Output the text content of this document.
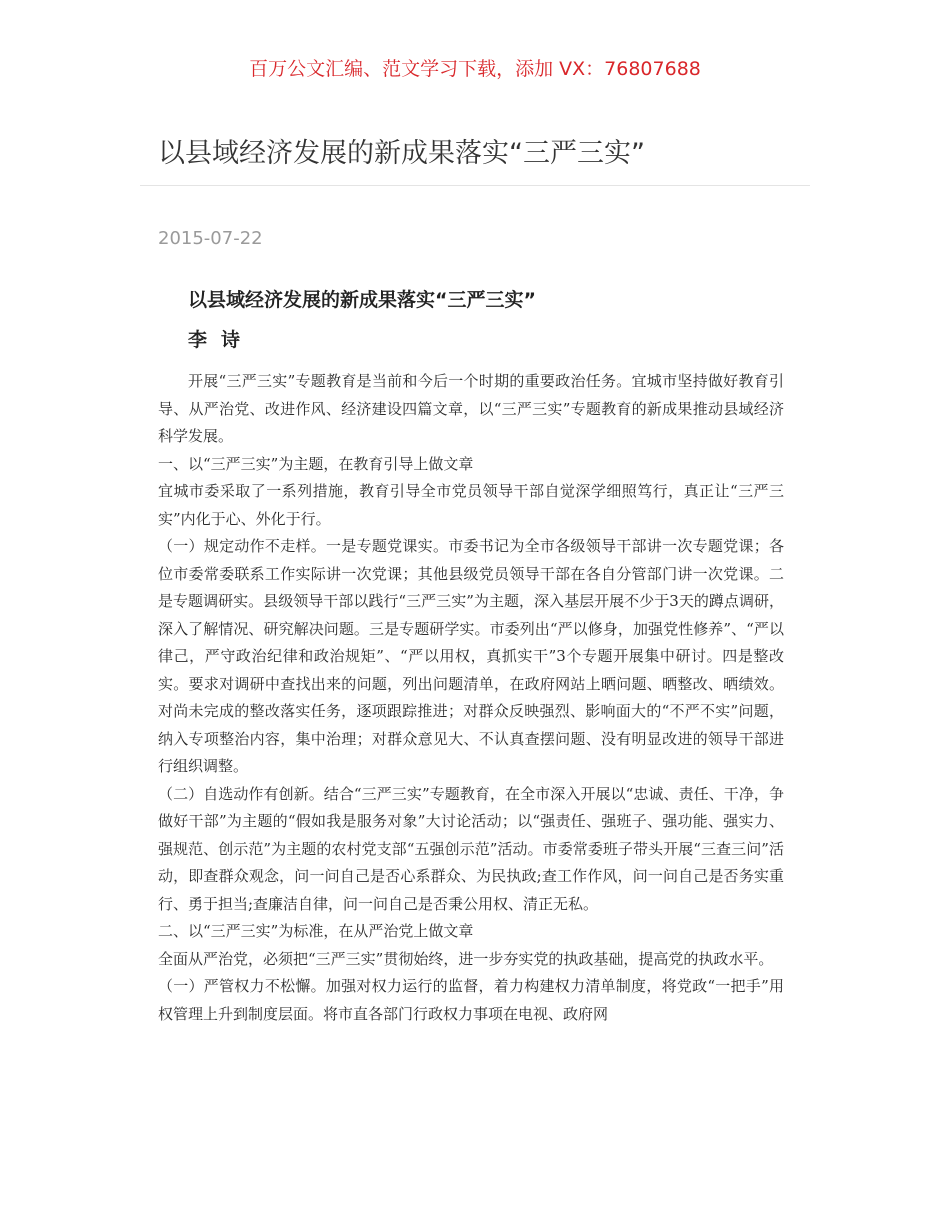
百万公文汇编、范文学习下载，添加 VX：76807688
以县域经济发展的新成果落实“三严三实”
2015-07-22
以县域经济发展的新成果落实“三严三实”
李诗

开展“三严三实”专题教育是当前和今后一个时期的重要政治任务。宜城市坚持做好教育引导、从严治党、改进作风、经济建设四篇文章，以“三严三实”专题教育的新成果推动县域经济科学发展。

一、以“三严三实”为主题，在教育引导上做文章

宜城市委采取了一系列措施，教育引导全市党员领导干部自觉深学细照笃行，真正让“三严三实”内化于心、外化于行。

（一）规定动作不走样。一是专题党课实。市委书记为全市各级领导干部讲一次专题党课；各位市委常委联系工作实际讲一次党课；其他县级党员领导干部在各自分管部门讲一次党课。二是专题调研实。县级领导干部以践行“三严三实”为主题，深入基层开展不少于3天的蹲点调研，深入了解情况、研究解决问题。三是专题研学实。市委列出“严以修身，加强党性修养”、“严以律己，严守政治纪律和政治规矩”、“严以用权，真抓实干”3个专题开展集中研讨。四是整改实。要求对调研中查找出来的问题，列出问题清单，在政府网站上晒问题、晒整改、晒绩效。对尚未完成的整改落实任务，逐项跟踪推进；对群众反映强烈、影响面大的“不严不实”问题，纳入专项整治内容，集中治理；对群众意见大、不认真查摆问题、没有明显改进的领导干部进行组织调整。

（二）自选动作有创新。结合“三严三实”专题教育，在全市深入开展以“忠诚、责任、干净，争做好干部”为主题的“假如我是服务对象”大讨论活动；以“强责任、强班子、强功能、强实力、强规范、创示范”为主题的农村党支部“五强创示范”活动。市委常委班子带头开展“三查三问”活动，即查群众观念，问一问自己是否心系群众、为民执政;查工作作风，问一问自己是否务实重行、勇于担当;查廉洁自律，问一问自己是否秉公用权、清正无私。

二、以“三严三实”为标准，在从严治党上做文章

全面从严治党，必须把“三严三实”贯彻始终，进一步夯实党的执政基础，提高党的执政水平。

（一）严管权力不松懈。加强对权力运行的监督，着力构建权力清单制度，将党政“一把手”用权管理上升到制度层面。将市直各部门行政权力事项在电视、政府网
